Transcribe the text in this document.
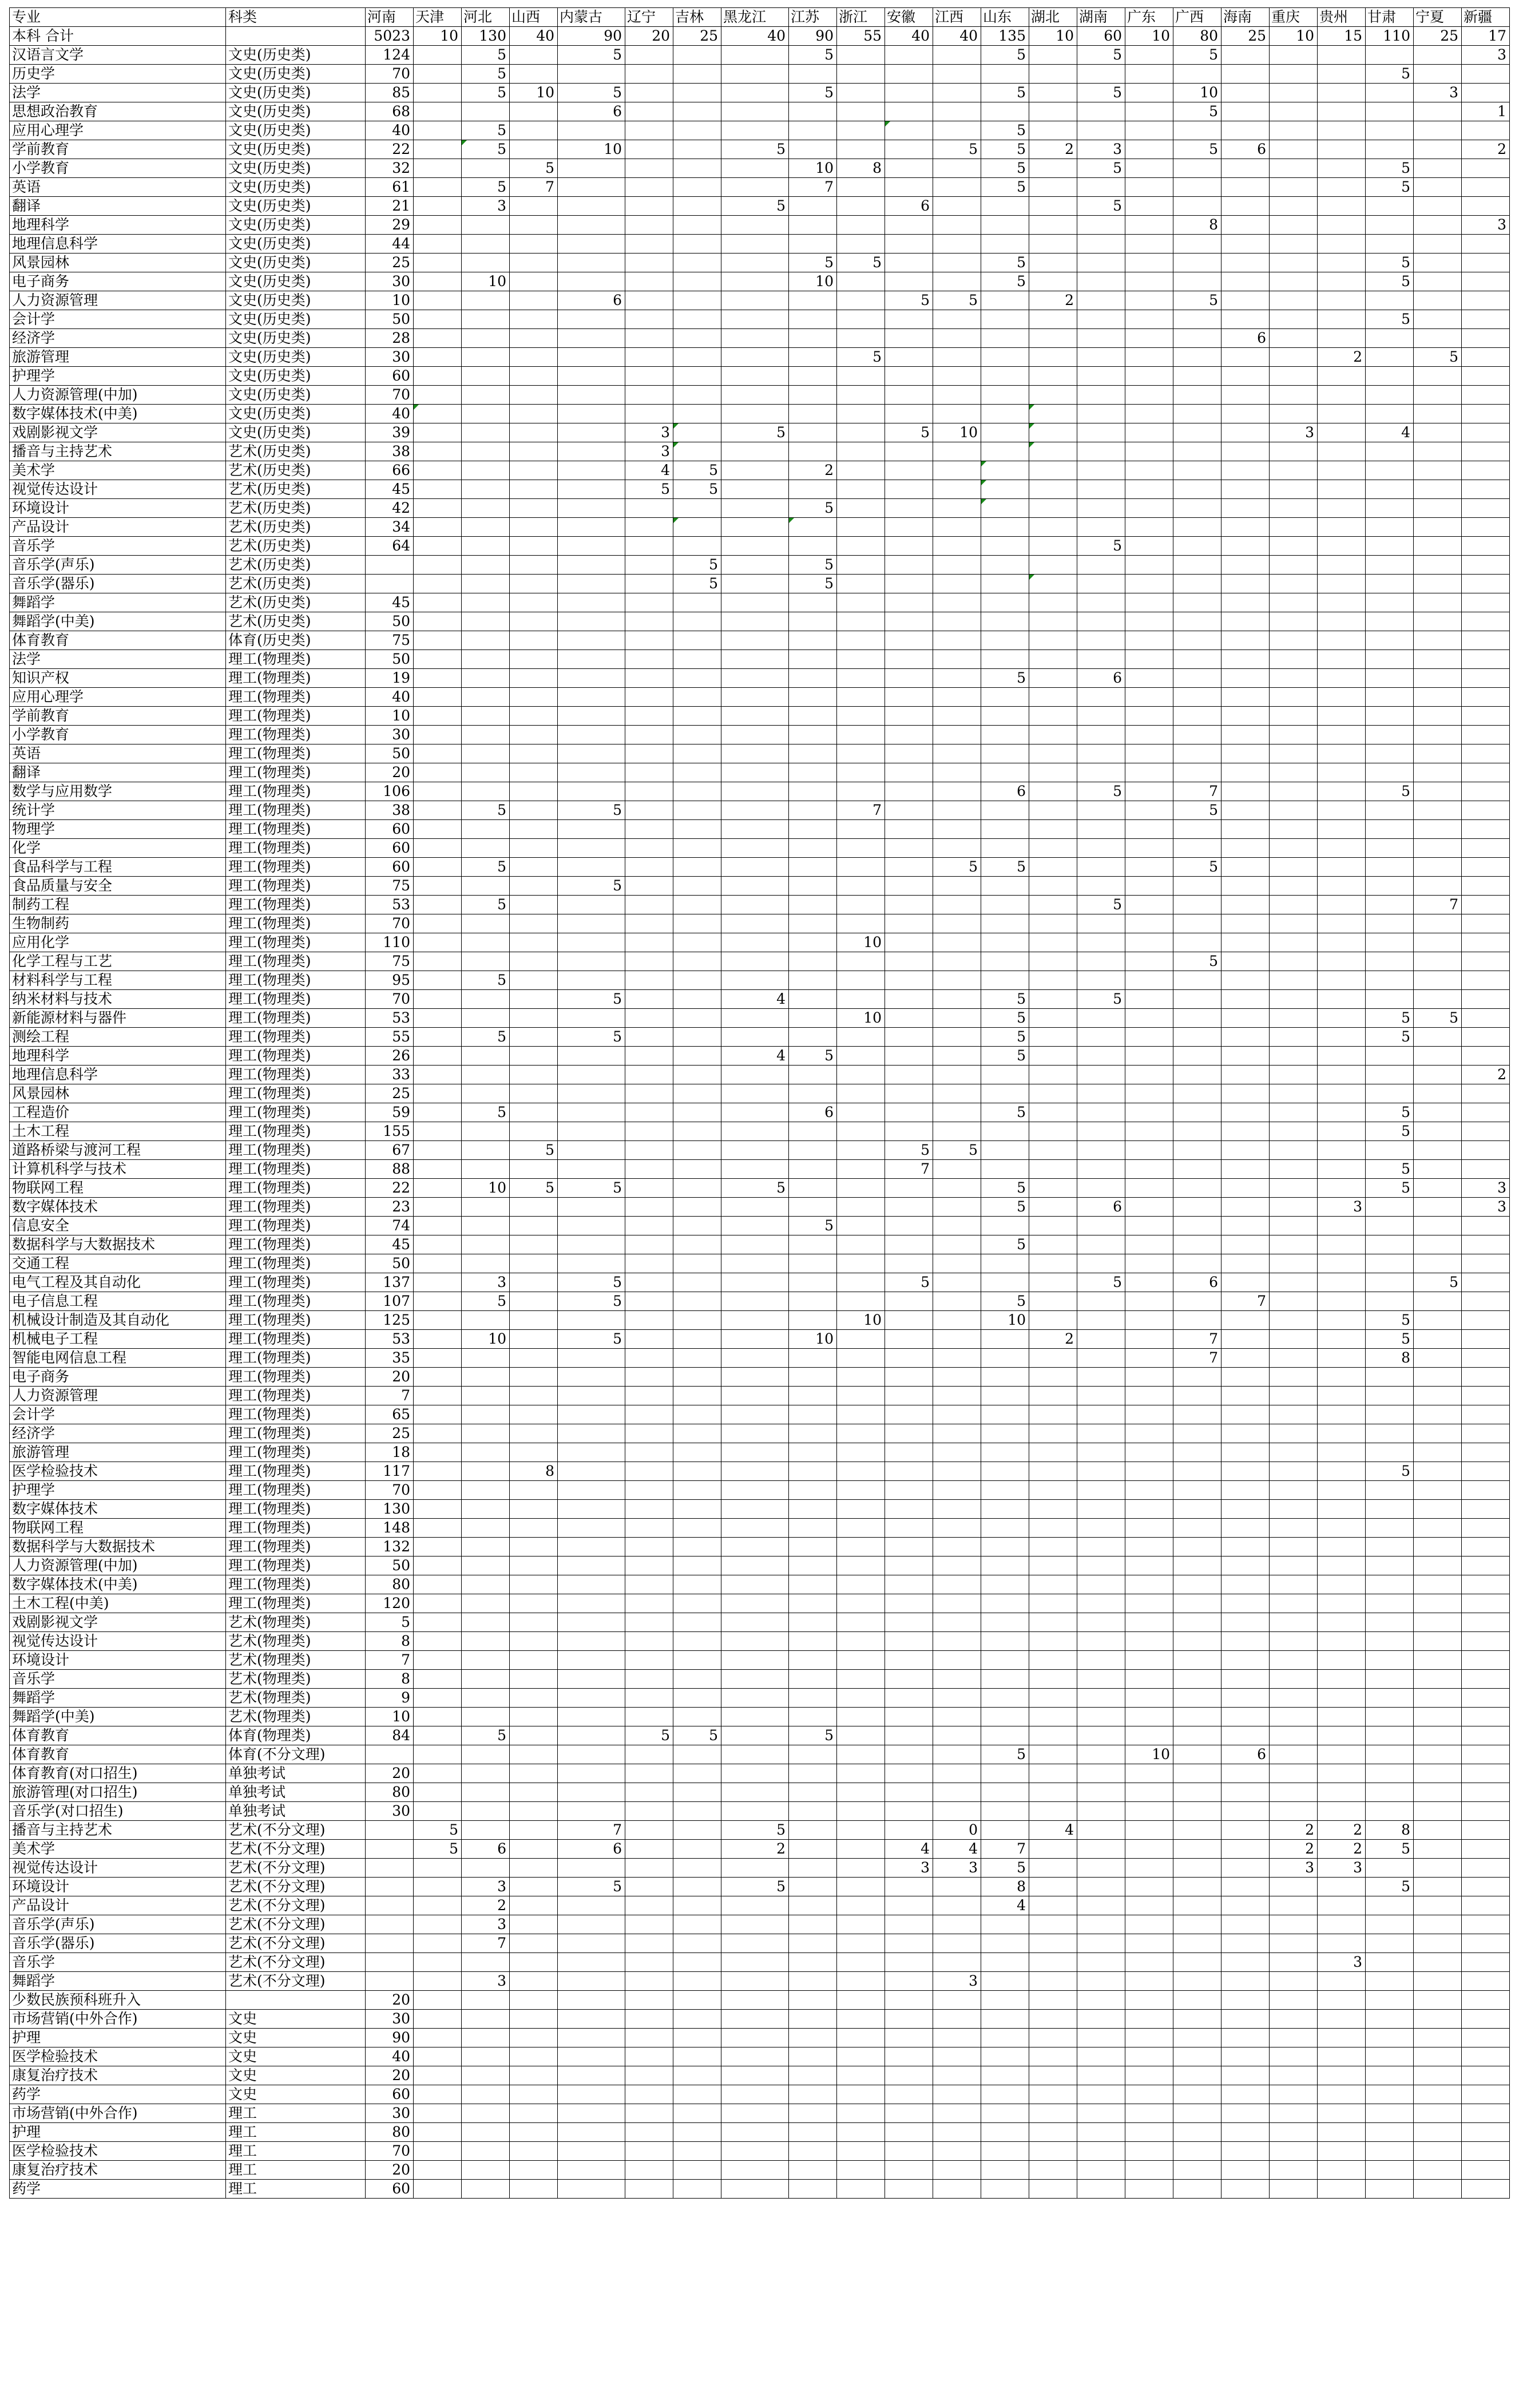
专业	科类	河南	天津	河北	山西	内蒙古	辽宁	吉林	黑龙江	江苏	浙江	安徽	江西	山东	湖北	湖南	广东	广西	海南	重庆	贵州	甘肃	宁夏	新疆
本科 合计		5023	10	130	40	90	20	25	40	90	55	40	40	135	10	60	10	80	25	10	15	110	25	17
汉语言文学	文史(历史类)	124		5		5				5				5		5		5						3
历史学	文史(历史类)	70		5																		5		
法学	文史(历史类)	85		5	10	5				5				5		5		10					3	
思想政治教育	文史(历史类)	68				6												5						1
应用心理学	文史(历史类)	40		5										5										
学前教育	文史(历史类)	22		5		10			5				5	5	2	3		5	6					2
小学教育	文史(历史类)	32			5					10	8			5		5						5		
英语	文史(历史类)	61		5	7					7				5								5		
翻译	文史(历史类)	21		3					5			6				5								
地理科学	文史(历史类)	29																8						3
地理信息科学	文史(历史类)	44																						
风景园林	文史(历史类)	25								5	5			5								5		
电子商务	文史(历史类)	30		10						10				5								5		
人力资源管理	文史(历史类)	10				6						5	5		2			5						
会计学	文史(历史类)	50																				5		
经济学	文史(历史类)	28																	6					
旅游管理	文史(历史类)	30									5										2		5	
护理学	文史(历史类)	60																						
人力资源管理(中加)	文史(历史类)	70																						
数字媒体技术(中美)	文史(历史类)	40																						
戏剧影视文学	文史(历史类)	39					3		5			5	10							3		4		
播音与主持艺术	艺术(历史类)	38					3																	
美术学	艺术(历史类)	66					4	5		2														
视觉传达设计	艺术(历史类)	45					5	5																
环境设计	艺术(历史类)	42								5														
产品设计	艺术(历史类)	34																						
音乐学	艺术(历史类)	64														5								
音乐学(声乐)	艺术(历史类)							5		5														
音乐学(器乐)	艺术(历史类)							5		5														
舞蹈学	艺术(历史类)	45																						
舞蹈学(中美)	艺术(历史类)	50																						
体育教育	体育(历史类)	75																						
法学	理工(物理类)	50																						
知识产权	理工(物理类)	19												5		6								
应用心理学	理工(物理类)	40																						
学前教育	理工(物理类)	10																						
小学教育	理工(物理类)	30																						
英语	理工(物理类)	50																						
翻译	理工(物理类)	20																						
数学与应用数学	理工(物理类)	106												6		5		7				5		
统计学	理工(物理类)	38		5		5					7							5						
物理学	理工(物理类)	60																						
化学	理工(物理类)	60																						
食品科学与工程	理工(物理类)	60		5									5	5				5						
食品质量与安全	理工(物理类)	75				5																		
制药工程	理工(物理类)	53		5												5							7	
生物制药	理工(物理类)	70																						
应用化学	理工(物理类)	110									10													
化学工程与工艺	理工(物理类)	75																5						
材料科学与工程	理工(物理类)	95		5																				
纳米材料与技术	理工(物理类)	70				5			4					5		5								
新能源材料与器件	理工(物理类)	53									10			5								5	5	
测绘工程	理工(物理类)	55		5		5								5								5		
地理科学	理工(物理类)	26							4	5				5										
地理信息科学	理工(物理类)	33																						2
风景园林	理工(物理类)	25																						
工程造价	理工(物理类)	59		5						6				5								5		
土木工程	理工(物理类)	155																				5		
道路桥梁与渡河工程	理工(物理类)	67			5							5	5											
计算机科学与技术	理工(物理类)	88										7										5		
物联网工程	理工(物理类)	22		10	5	5			5					5								5		3
数字媒体技术	理工(物理类)	23												5		6					3			3
信息安全	理工(物理类)	74								5														
数据科学与大数据技术	理工(物理类)	45												5										
交通工程	理工(物理类)	50																						
电气工程及其自动化	理工(物理类)	137		3		5						5				5		6					5	
电子信息工程	理工(物理类)	107		5		5								5					7					
机械设计制造及其自动化	理工(物理类)	125									10			10								5		
机械电子工程	理工(物理类)	53		10		5				10					2			7				5		
智能电网信息工程	理工(物理类)	35																7				8		
电子商务	理工(物理类)	20																						
人力资源管理	理工(物理类)	7																						
会计学	理工(物理类)	65																						
经济学	理工(物理类)	25																						
旅游管理	理工(物理类)	18																						
医学检验技术	理工(物理类)	117			8																	5		
护理学	理工(物理类)	70																						
数字媒体技术	理工(物理类)	130																						
物联网工程	理工(物理类)	148																						
数据科学与大数据技术	理工(物理类)	132																						
人力资源管理(中加)	理工(物理类)	50																						
数字媒体技术(中美)	理工(物理类)	80																						
土木工程(中美)	理工(物理类)	120																						
戏剧影视文学	艺术(物理类)	5																						
视觉传达设计	艺术(物理类)	8																						
环境设计	艺术(物理类)	7																						
音乐学	艺术(物理类)	8																						
舞蹈学	艺术(物理类)	9																						
舞蹈学(中美)	艺术(物理类)	10																						
体育教育	体育(物理类)	84		5			5	5		5														
体育教育	体育(不分文理)													5			10		6					
体育教育(对口招生)	单独考试	20																						
旅游管理(对口招生)	单独考试	80																						
音乐学(对口招生)	单独考试	30																						
播音与主持艺术	艺术(不分文理)		5			7			5				0		4					2	2	8		
美术学	艺术(不分文理)		5	6		6			2			4	4	7						2	2	5		
视觉传达设计	艺术(不分文理)											3	3	5						3	3			
环境设计	艺术(不分文理)			3		5			5					8								5		
产品设计	艺术(不分文理)			2										4										
音乐学(声乐)	艺术(不分文理)			3																				
音乐学(器乐)	艺术(不分文理)			7																				
音乐学	艺术(不分文理)																				3			
舞蹈学	艺术(不分文理)			3									3											
少数民族预科班升入		20																						
市场营销(中外合作)	文史	30																						
护理	文史	90																						
医学检验技术	文史	40																						
康复治疗技术	文史	20																						
药学	文史	60																						
市场营销(中外合作)	理工	30																						
护理	理工	80																						
医学检验技术	理工	70																						
康复治疗技术	理工	20																						
药学	理工	60																						
